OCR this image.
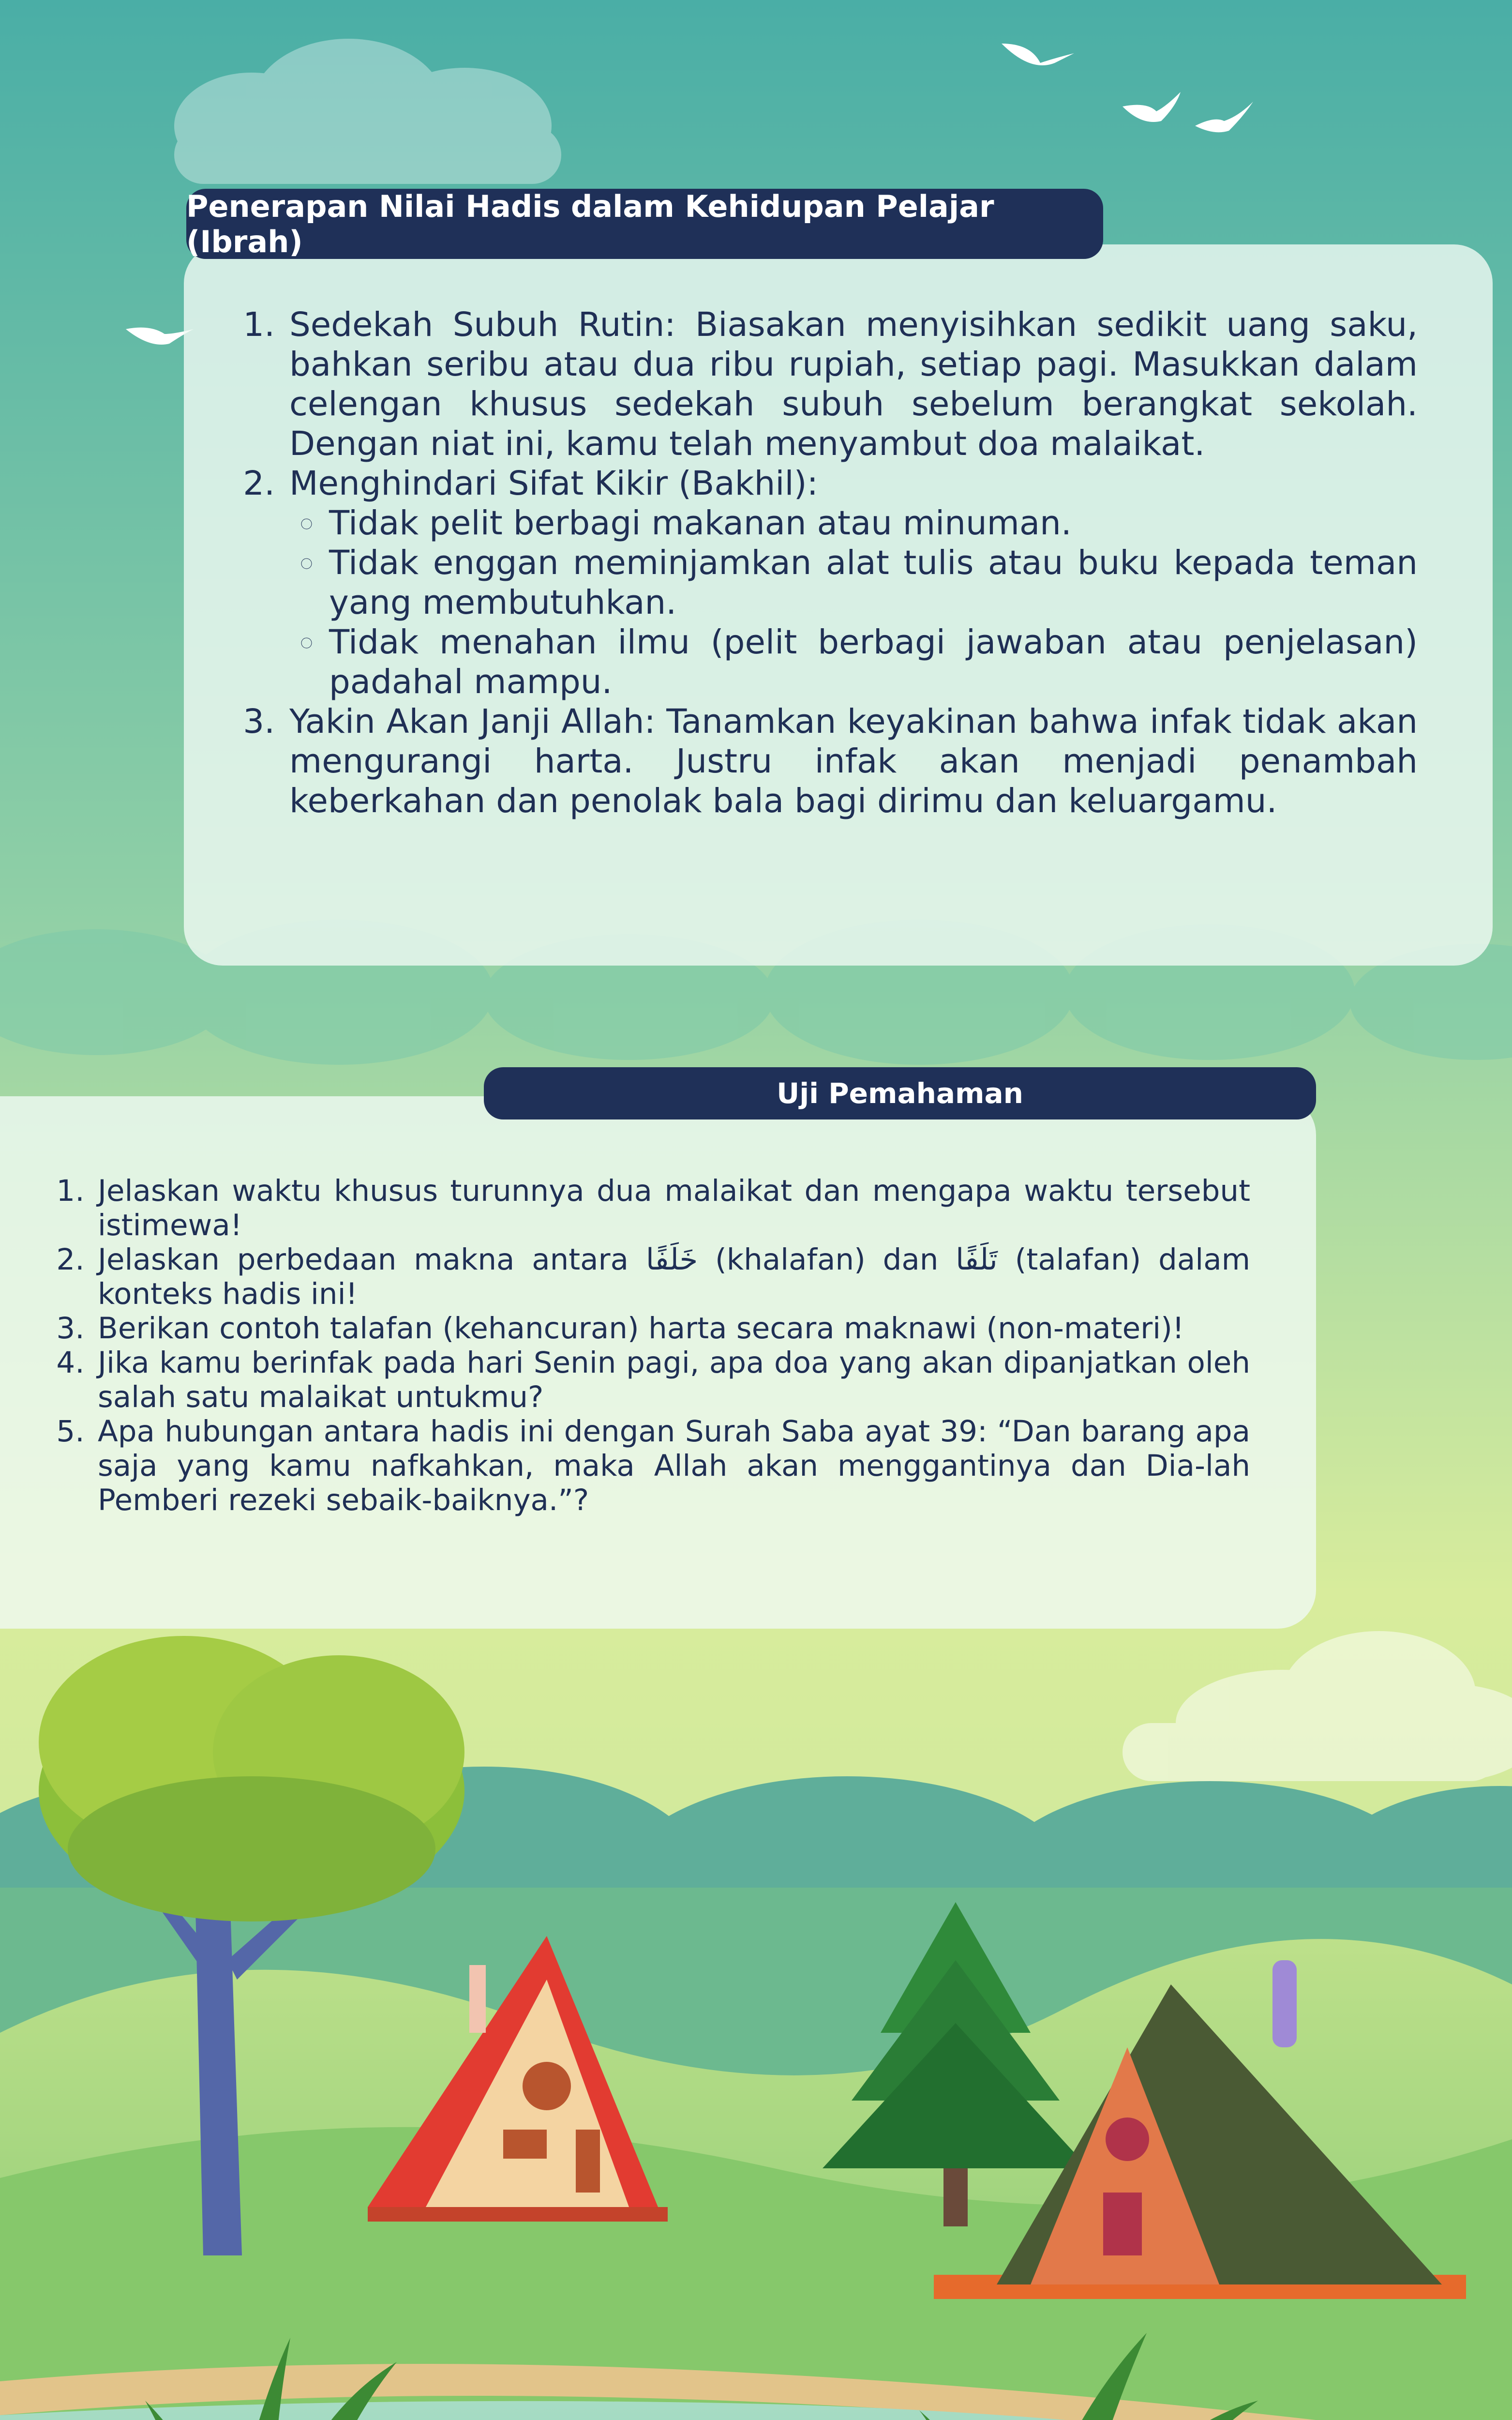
Penerapan Nilai Hadis dalam Kehidupan Pelajar (Ibrah)
1. Sedekah Subuh Rutin: Biasakan menyisihkan sedikit uang saku, bahkan seribu atau dua ribu rupiah, setiap pagi. Masukkan dalam celengan khusus sedekah subuh sebelum berangkat sekolah. Dengan niat ini, kamu telah menyambut doa malaikat.
2. Menghindari Sifat Kikir (Bakhil):
◦ Tidak pelit berbagi makanan atau minuman.
◦ Tidak enggan meminjamkan alat tulis atau buku kepada teman yang membutuhkan.
◦ Tidak menahan ilmu (pelit berbagi jawaban atau penjelasan) padahal mampu.
3. Yakin Akan Janji Allah: Tanamkan keyakinan bahwa infak tidak akan mengurangi harta. Justru infak akan menjadi penambah keberkahan dan penolak bala bagi dirimu dan keluargamu.
Uji Pemahaman
1. Jelaskan waktu khusus turunnya dua malaikat dan mengapa waktu tersebut istimewa!
2. Jelaskan perbedaan makna antara خَلَفًا (khalafan) dan تَلَفًا (talafan) dalam konteks hadis ini!
3. Berikan contoh talafan (kehancuran) harta secara maknawi (non-materi)!
4. Jika kamu berinfak pada hari Senin pagi, apa doa yang akan dipanjatkan oleh salah satu malaikat untukmu?
5. Apa hubungan antara hadis ini dengan Surah Saba ayat 39: “Dan barang apa saja yang kamu nafkahkan, maka Allah akan menggantinya dan Dia-lah Pemberi rezeki sebaik-baiknya.”?
